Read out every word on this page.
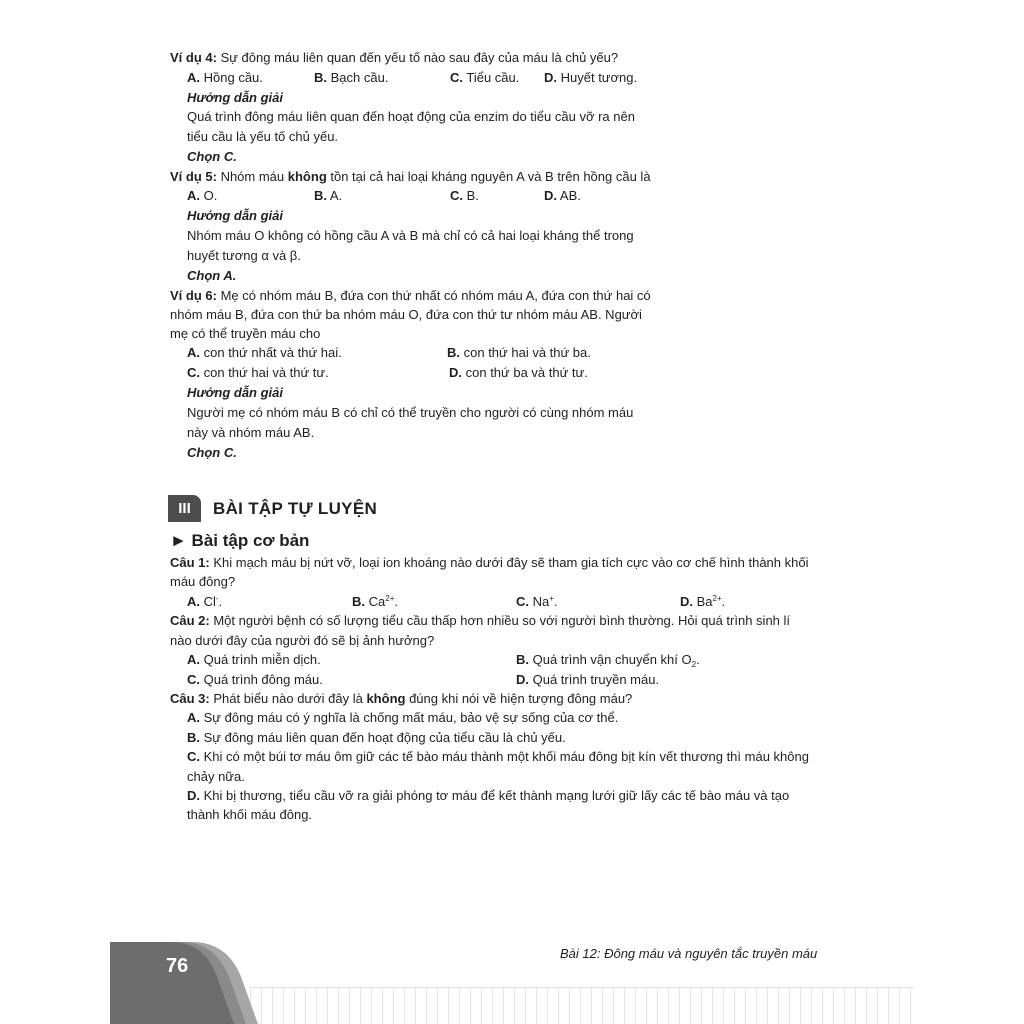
Ví dụ 4: Sự đông máu liên quan đến yếu tố nào sau đây của máu là chủ yếu?
A. Hồng cầu.	B. Bạch cầu.	C. Tiểu cầu. D. Huyết tương.
Hướng dẫn giải
Quá trình đông máu liên quan đến hoạt động của enzim do tiểu cầu vỡ ra nên
tiểu cầu là yếu tố chủ yếu.
Chọn C.
Ví dụ 5: Nhóm máu không tồn tại cả hai loại kháng nguyên A và B trên hồng cầu là
A. O.	B. A.	C. B.	D. AB.
Hướng dẫn giải
Nhóm máu O không có hồng cầu A và B mà chỉ có cả hai loại kháng thể trong
huyết tương α và β.
Chọn A.
Ví dụ 6: Mẹ có nhóm máu B, đứa con thứ nhất có nhóm máu A, đứa con thứ hai có
nhóm máu B, đứa con thứ ba nhóm máu O, đứa con thứ tư nhóm máu AB. Người
mẹ có thể truyền máu cho
A. con thứ nhất và thứ hai.	B. con thứ hai và thứ ba.
C. con thứ hai và thứ tư.	D. con thứ ba và thứ tư.
Hướng dẫn giải
Người mẹ có nhóm máu B có chỉ có thể truyền cho người có cùng nhóm máu
này và nhóm máu AB.
Chọn C.
III	BÀI TẬP TỰ LUYỆN
► Bài tập cơ bản
Câu 1: Khi mạch máu bị nứt vỡ, loại ion khoáng nào dưới đây sẽ tham gia tích cực vào cơ chế hình thành khối
máu đông?
A. Cl-.	B. $Ca^{2+}$.	C. Na+.	D. $Ba^{2+}$.
Câu 2: Một người bệnh có số lượng tiểu cầu thấp hơn nhiều so với người bình thường. Hỏi quá trình sinh lí
nào dưới đây của người đó sẽ bị ảnh hưởng?
A. Quá trình miễn dịch.	B. Quá trình vận chuyển khí $O_2$.
C. Quá trình đông máu.	D. Quá trình truyền máu.
Câu 3: Phát biểu nào dưới đây là không đúng khi nói về hiện tượng đông máu?
A. Sự đông máu có ý nghĩa là chống mất máu, bảo vệ sự sống của cơ thể.
B. Sự đông máu liên quan đến hoạt động của tiểu cầu là chủ yếu.
C. Khi có một búi tơ máu ôm giữ các tế bào máu thành một khối máu đông bịt kín vết thương thì máu không
chảy nữa.
D. Khi bị thương, tiểu cầu vỡ ra giải phóng tơ máu để kết thành mạng lưới giữ lấy các tế bào máu và tạo
thành khối máu đông.
76
Bài 12: Đông máu và nguyên tắc truyền máu
